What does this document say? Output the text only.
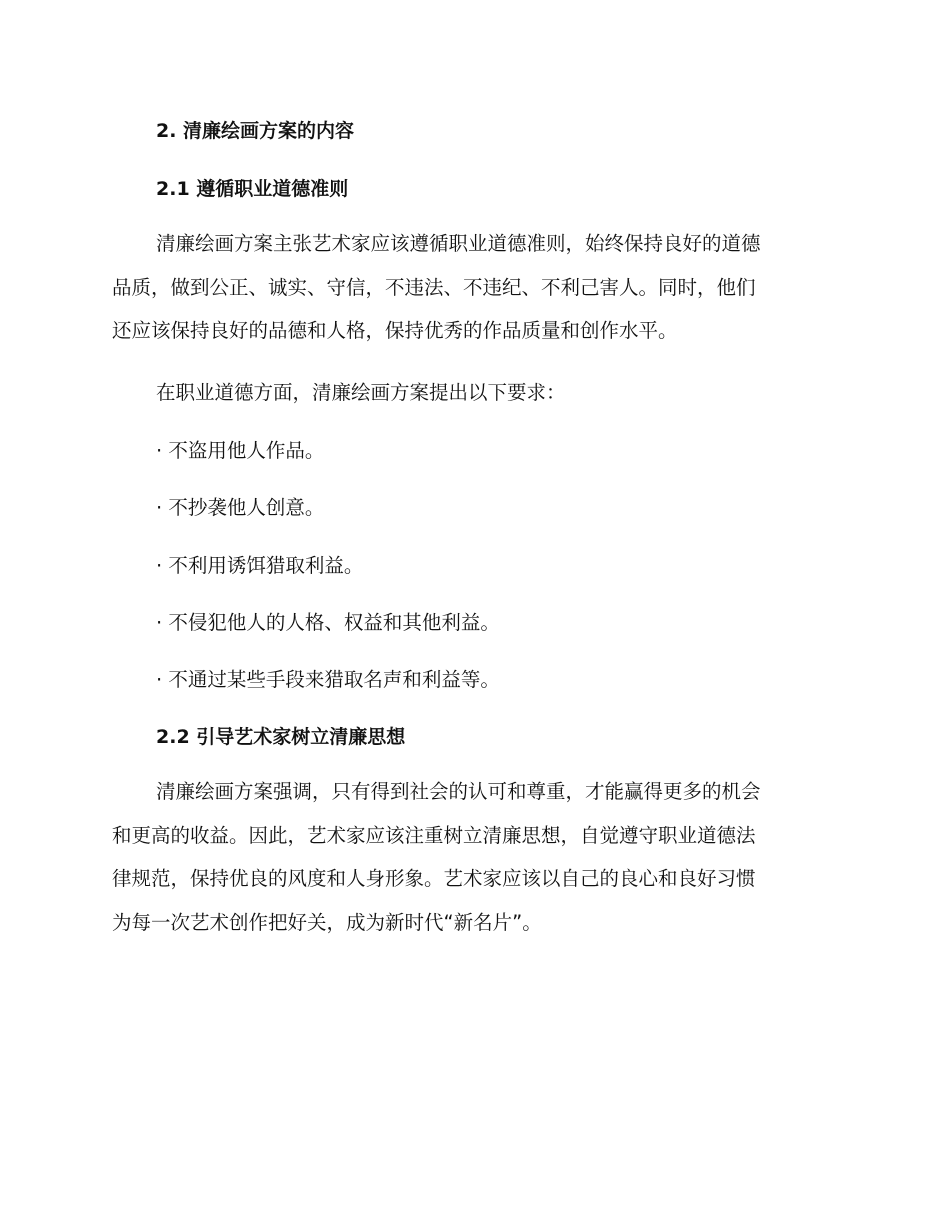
2. 清廉绘画方案的内容
2.1 遵循职业道德准则
清廉绘画方案主张艺术家应该遵循职业道德准则，始终保持良好的道德
品质，做到公正、诚实、守信，不违法、不违纪、不利己害人。同时，他们
还应该保持良好的品德和人格，保持优秀的作品质量和创作水平。

在职业道德方面，清廉绘画方案提出以下要求：

· 不盗用他人作品。

· 不抄袭他人创意。

· 不利用诱饵猎取利益。

· 不侵犯他人的人格、权益和其他利益。

· 不通过某些手段来猎取名声和利益等。

2.2 引导艺术家树立清廉思想
清廉绘画方案强调，只有得到社会的认可和尊重，才能赢得更多的机会
和更高的收益。因此，艺术家应该注重树立清廉思想，自觉遵守职业道德法
律规范，保持优良的风度和人身形象。艺术家应该以自己的良心和良好习惯
为每一次艺术创作把好关，成为新时代“新名片”。
